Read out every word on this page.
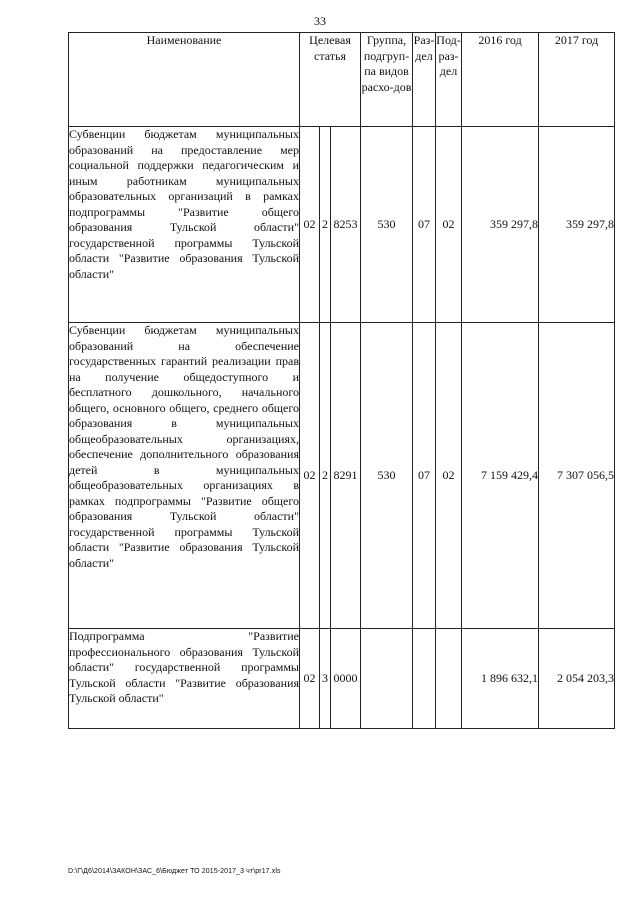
33
Наименование	Целевая статья			Группа, подгруп-па видов расхо-дов	Раз-дел	Под-раз-дел	2016 год	2017 год
Субвенции бюджетам муниципальных образований на предоставление мер социальной поддержки педагогическим и иным работникам муниципальных образовательных организаций в рамках подпрограммы "Развитие общего образования Тульской области" государственной программы Тульской области "Развитие образования Тульской области"	02	2	8253	530	07	02	359 297,8	359 297,8
Субвенции бюджетам муниципальных образований на обеспечение государственных гарантий реализации прав на получение общедоступного и бесплатного дошкольного, начального общего, основного общего, среднего общего образования в муниципальных общеобразовательных организациях, обеспечение дополнительного образования детей в муниципальных общеобразовательных организациях в рамках подпрограммы "Развитие общего образования Тульской области" государственной программы Тульской области "Развитие образования Тульской области"	02	2	8291	530	07	02	7 159 429,4	7 307 056,5
Подпрограмма "Развитие профессионального образования Тульской области" государственной программы Тульской области "Развитие образования Тульской области"	02	3	0000				1 896 632,1	2 054 203,3
D:\Г\Д6\2014\ЗАКОН\ЗАС_6\Бюджет ТО 2015-2017_3 чт\pr17.xls
